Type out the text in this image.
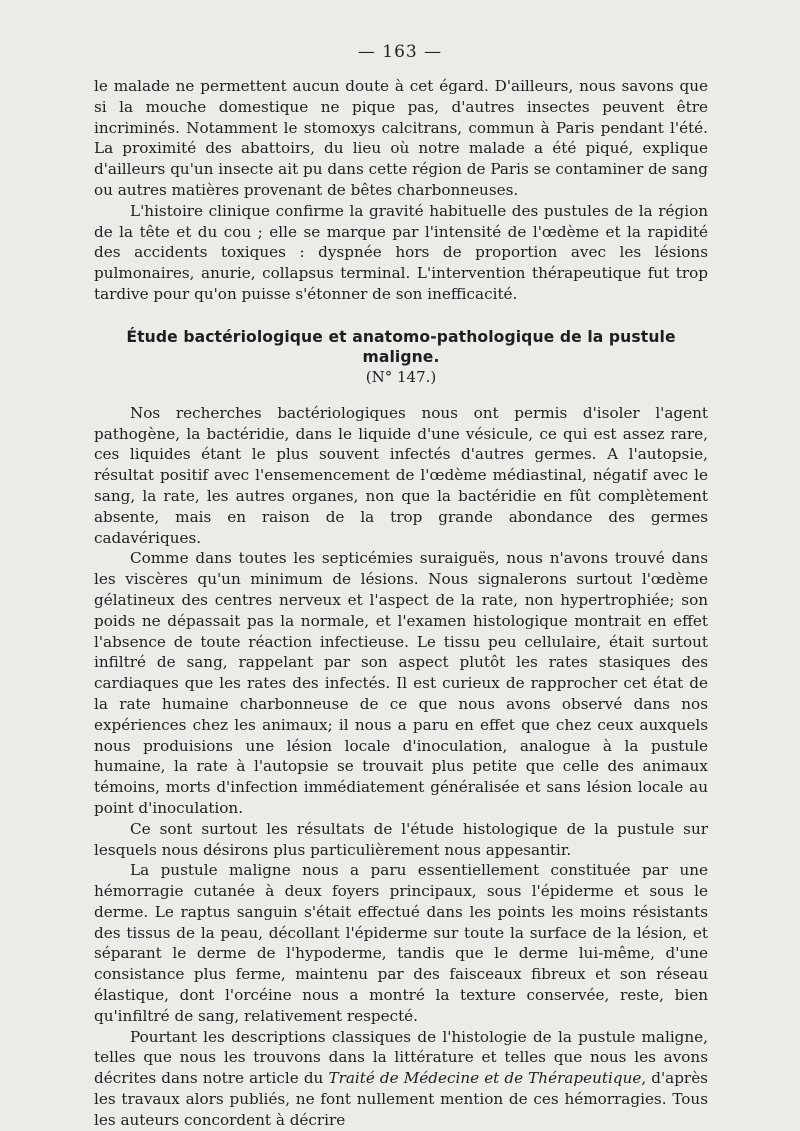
— 163 —

le malade ne permettent aucun doute à cet égard. D'ailleurs, nous savons que si la mouche domestique ne pique pas, d'autres insectes peuvent être incriminés. Notamment le stomoxys calcitrans, commun à Paris pendant l'été. La proximité des abattoirs, du lieu où notre malade a été piqué, explique d'ailleurs qu'un insecte ait pu dans cette région de Paris se contaminer de sang ou autres matières provenant de bêtes charbonneuses.

L'histoire clinique confirme la gravité habituelle des pustules de la région de la tête et du cou ; elle se marque par l'intensité de l'œdème et la rapidité des accidents toxiques : dyspnée hors de proportion avec les lésions pulmonaires, anurie, collapsus terminal. L'intervention thérapeutique fut trop tardive pour qu'on puisse s'étonner de son inefficacité.

Étude bactériologique et anatomo-pathologique de la pustule maligne.
(N° 147.)

Nos recherches bactériologiques nous ont permis d'isoler l'agent pathogène, la bactéridie, dans le liquide d'une vésicule, ce qui est assez rare, ces liquides étant le plus souvent infectés d'autres germes. A l'autopsie, résultat positif avec l'ensemencement de l'œdème médiastinal, négatif avec le sang, la rate, les autres organes, non que la bactéridie en fût complètement absente, mais en raison de la trop grande abondance des germes cadavériques.

Comme dans toutes les septicémies suraiguës, nous n'avons trouvé dans les viscères qu'un minimum de lésions. Nous signalerons surtout l'œdème gélatineux des centres nerveux et l'aspect de la rate, non hypertrophiée; son poids ne dépassait pas la normale, et l'examen histologique montrait en effet l'absence de toute réaction infectieuse. Le tissu peu cellulaire, était surtout infiltré de sang, rappelant par son aspect plutôt les rates stasiques des cardiaques que les rates des infectés. Il est curieux de rapprocher cet état de la rate humaine charbonneuse de ce que nous avons observé dans nos expériences chez les animaux; il nous a paru en effet que chez ceux auxquels nous produisions une lésion locale d'inoculation, analogue à la pustule humaine, la rate à l'autopsie se trouvait plus petite que celle des animaux témoins, morts d'infection immédiatement généralisée et sans lésion locale au point d'inoculation.

Ce sont surtout les résultats de l'étude histologique de la pustule sur lesquels nous désirons plus particulièrement nous appesantir.

La pustule maligne nous a paru essentiellement constituée par une hémorragie cutanée à deux foyers principaux, sous l'épiderme et sous le derme. Le raptus sanguin s'était effectué dans les points les moins résistants des tissus de la peau, décollant l'épiderme sur toute la surface de la lésion, et séparant le derme de l'hypoderme, tandis que le derme lui-même, d'une consistance plus ferme, maintenu par des faisceaux fibreux et son réseau élastique, dont l'orcéine nous a montré la texture conservée, reste, bien qu'infiltré de sang, relativement respecté.

Pourtant les descriptions classiques de l'histologie de la pustule maligne, telles que nous les trouvons dans la littérature et telles que nous les avons décrites dans notre article du Traité de Médecine et de Thérapeutique, d'après les travaux alors publiés, ne font nullement mention de ces hémorragies. Tous les auteurs concordent à décrire
